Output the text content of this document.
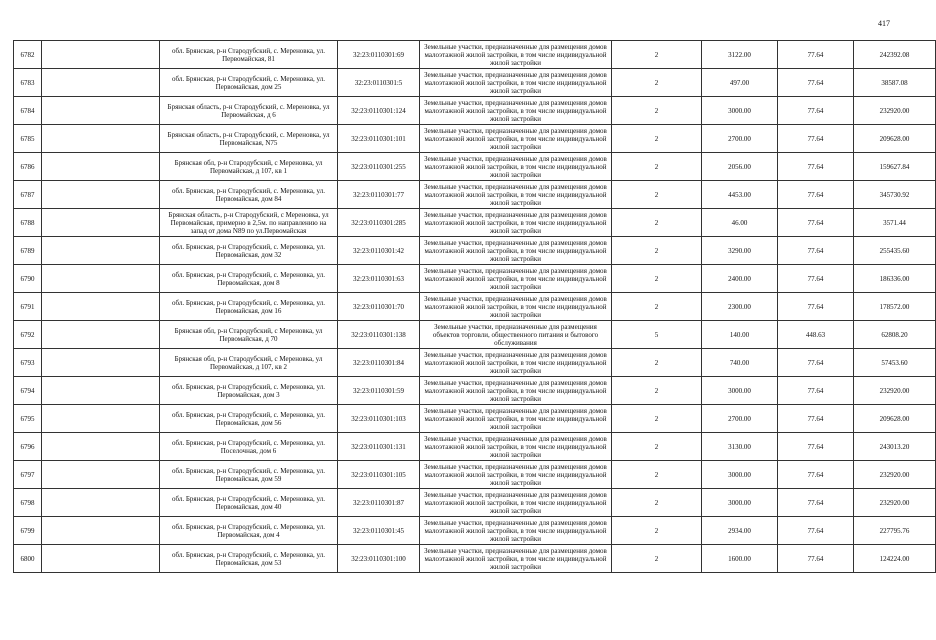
417
6782		обл. Брянская, р-н Стародубский, с. Мереновка, ул. Первомайская, 81	32:23:0110301:69	Земельные участки, предназначенные для размещения домов малоэтажной жилой застройки, в том числе индивидуальной жилой застройки	2	3122.00	77.64	242392.08
6783		обл. Брянская, р-н Стародубский, с. Мереновка, ул. Первомайская, дом 25	32:23:0110301:5	Земельные участки, предназначенные для размещения домов малоэтажной жилой застройки, в том числе индивидуальной жилой застройки	2	497.00	77.64	38587.08
6784		Брянская область, р-н Стародубский, с. Мереновка, ул Первомайская, д 6	32:23:0110301:124	Земельные участки, предназначенные для размещения домов малоэтажной жилой застройки, в том числе индивидуальной жилой застройки	2	3000.00	77.64	232920.00
6785		Брянская область, р-н Стародубский, с. Мереновка, ул Первомайская, N75	32:23:0110301:101	Земельные участки, предназначенные для размещения домов малоэтажной жилой застройки, в том числе индивидуальной жилой застройки	2	2700.00	77.64	209628.00
6786		Брянская обл, р-н Стародубский, с Мереновка, ул Первомайская, д 107, кв 1	32:23:0110301:255	Земельные участки, предназначенные для размещения домов малоэтажной жилой застройки, в том числе индивидуальной жилой застройки	2	2056.00	77.64	159627.84
6787		обл. Брянская, р-н Стародубский, с. Мереновка, ул. Первомайская, дом 84	32:23:0110301:77	Земельные участки, предназначенные для размещения домов малоэтажной жилой застройки, в том числе индивидуальной жилой застройки	2	4453.00	77.64	345730.92
6788		Брянская область, р-н Стародубский, с Мереновка, ул Первомайская, примерно в 2,5м. по направлению на запад от дома N89 по ул.Первомайская	32:23:0110301:285	Земельные участки, предназначенные для размещения домов малоэтажной жилой застройки, в том числе индивидуальной жилой застройки	2	46.00	77.64	3571.44
6789		обл. Брянская, р-н Стародубский, с. Мереновка, ул. Первомайская, дом 32	32:23:0110301:42	Земельные участки, предназначенные для размещения домов малоэтажной жилой застройки, в том числе индивидуальной жилой застройки	2	3290.00	77.64	255435.60
6790		обл. Брянская, р-н Стародубский, с. Мереновка, ул. Первомайская, дом 8	32:23:0110301:63	Земельные участки, предназначенные для размещения домов малоэтажной жилой застройки, в том числе индивидуальной жилой застройки	2	2400.00	77.64	186336.00
6791		обл. Брянская, р-н Стародубский, с. Мереновка, ул. Первомайская, дом 16	32:23:0110301:70	Земельные участки, предназначенные для размещения домов малоэтажной жилой застройки, в том числе индивидуальной жилой застройки	2	2300.00	77.64	178572.00
6792		Брянская обл, р-н Стародубский, с Мереновка, ул Первомайская, д 70	32:23:0110301:138	Земельные участки, предназначенные для размещения объектов торговли, общественного питания и бытового обслуживания	5	140.00	448.63	62808.20
6793		Брянская обл, р-н Стародубский, с Мереновка, ул Первомайская, д 107, кв 2	32:23:0110301:84	Земельные участки, предназначенные для размещения домов малоэтажной жилой застройки, в том числе индивидуальной жилой застройки	2	740.00	77.64	57453.60
6794		обл. Брянская, р-н Стародубский, с. Мереновка, ул. Первомайская, дом 3	32:23:0110301:59	Земельные участки, предназначенные для размещения домов малоэтажной жилой застройки, в том числе индивидуальной жилой застройки	2	3000.00	77.64	232920.00
6795		обл. Брянская, р-н Стародубский, с. Мереновка, ул. Первомайская, дом 56	32:23:0110301:103	Земельные участки, предназначенные для размещения домов малоэтажной жилой застройки, в том числе индивидуальной жилой застройки	2	2700.00	77.64	209628.00
6796		обл. Брянская, р-н Стародубский, с. Мереновка, ул. Поселочная, дом 6	32:23:0110301:131	Земельные участки, предназначенные для размещения домов малоэтажной жилой застройки, в том числе индивидуальной жилой застройки	2	3130.00	77.64	243013.20
6797		обл. Брянская, р-н Стародубский, с. Мереновка, ул. Первомайская, дом 59	32:23:0110301:105	Земельные участки, предназначенные для размещения домов малоэтажной жилой застройки, в том числе индивидуальной жилой застройки	2	3000.00	77.64	232920.00
6798		обл. Брянская, р-н Стародубский, с. Мереновка, ул. Первомайская, дом 40	32:23:0110301:87	Земельные участки, предназначенные для размещения домов малоэтажной жилой застройки, в том числе индивидуальной жилой застройки	2	3000.00	77.64	232920.00
6799		обл. Брянская, р-н Стародубский, с. Мереновка, ул. Первомайская, дом 4	32:23:0110301:45	Земельные участки, предназначенные для размещения домов малоэтажной жилой застройки, в том числе индивидуальной жилой застройки	2	2934.00	77.64	227795.76
6800		обл. Брянская, р-н Стародубский, с. Мереновка, ул. Первомайская, дом 53	32:23:0110301:100	Земельные участки, предназначенные для размещения домов малоэтажной жилой застройки, в том числе индивидуальной жилой застройки	2	1600.00	77.64	124224.00
